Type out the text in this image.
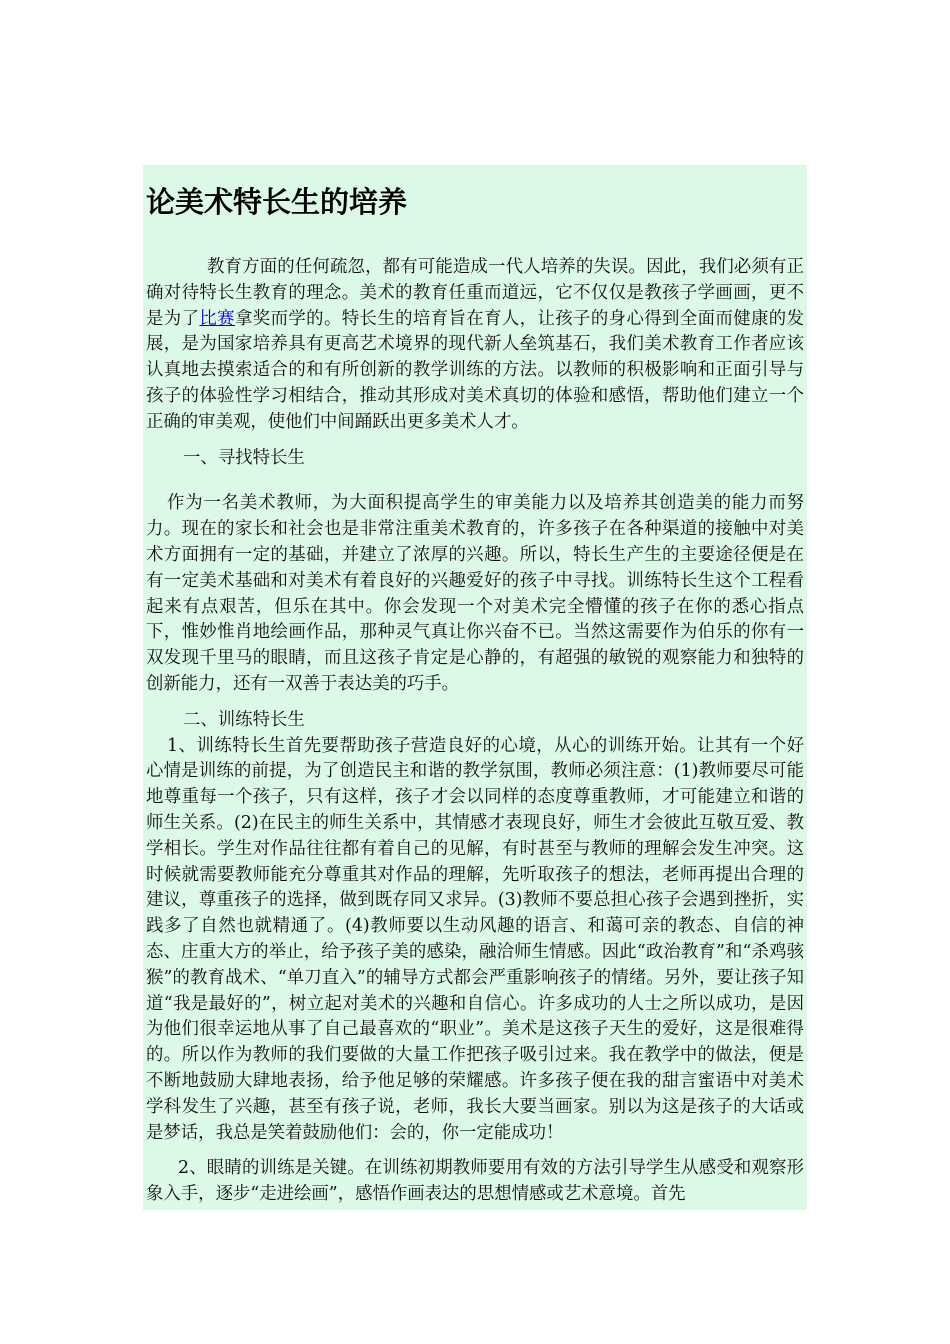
论美术特长生的培养

教育方面的任何疏忽，都有可能造成一代人培养的失误。因此，我们必须有正确对待特长生教育的理念。美术的教育任重而道远，它不仅仅是教孩子学画画，更不是为了比赛拿奖而学的。特长生的培育旨在育人，让孩子的身心得到全面而健康的发展，是为国家培养具有更高艺术境界的现代新人垒筑基石，我们美术教育工作者应该认真地去摸索适合的和有所创新的教学训练的方法。以教师的积极影响和正面引导与孩子的体验性学习相结合，推动其形成对美术真切的体验和感悟，帮助他们建立一个正确的审美观，使他们中间踊跃出更多美术人才。

一、寻找特长生

作为一名美术教师，为大面积提高学生的审美能力以及培养其创造美的能力而努力。现在的家长和社会也是非常注重美术教育的，许多孩子在各种渠道的接触中对美术方面拥有一定的基础，并建立了浓厚的兴趣。所以，特长生产生的主要途径便是在有一定美术基础和对美术有着良好的兴趣爱好的孩子中寻找。训练特长生这个工程看起来有点艰苦，但乐在其中。你会发现一个对美术完全懵懂的孩子在你的悉心指点下，惟妙惟肖地绘画作品，那种灵气真让你兴奋不已。当然这需要作为伯乐的你有一双发现千里马的眼睛，而且这孩子肯定是心静的，有超强的敏锐的观察能力和独特的创新能力，还有一双善于表达美的巧手。

二、训练特长生

1、训练特长生首先要帮助孩子营造良好的心境，从心的训练开始。让其有一个好心情是训练的前提，为了创造民主和谐的教学氛围，教师必须注意：(1)教师要尽可能地尊重每一个孩子，只有这样，孩子才会以同样的态度尊重教师，才可能建立和谐的师生关系。(2)在民主的师生关系中，其情感才表现良好，师生才会彼此互敬互爱、教学相长。学生对作品往往都有着自己的见解，有时甚至与教师的理解会发生冲突。这时候就需要教师能充分尊重其对作品的理解，先听取孩子的想法，老师再提出合理的建议，尊重孩子的选择，做到既存同又求异。(3)教师不要总担心孩子会遇到挫折，实践多了自然也就精通了。(4)教师要以生动风趣的语言、和蔼可亲的教态、自信的神态、庄重大方的举止，给予孩子美的感染，融洽师生情感。因此“政治教育”和“杀鸡骇猴”的教育战术、“单刀直入”的辅导方式都会严重影响孩子的情绪。另外，要让孩子知道“我是最好的”，树立起对美术的兴趣和自信心。许多成功的人士之所以成功，是因为他们很幸运地从事了自己最喜欢的“职业”。美术是这孩子天生的爱好，这是很难得的。所以作为教师的我们要做的大量工作把孩子吸引过来。我在教学中的做法，便是不断地鼓励大肆地表扬，给予他足够的荣耀感。许多孩子便在我的甜言蜜语中对美术学科发生了兴趣，甚至有孩子说，老师，我长大要当画家。别以为这是孩子的大话或是梦话，我总是笑着鼓励他们：会的，你一定能成功！

2、眼睛的训练是关键。在训练初期教师要用有效的方法引导学生从感受和观察形象入手，逐步“走进绘画”，感悟作画表达的思想情感或艺术意境。首先
